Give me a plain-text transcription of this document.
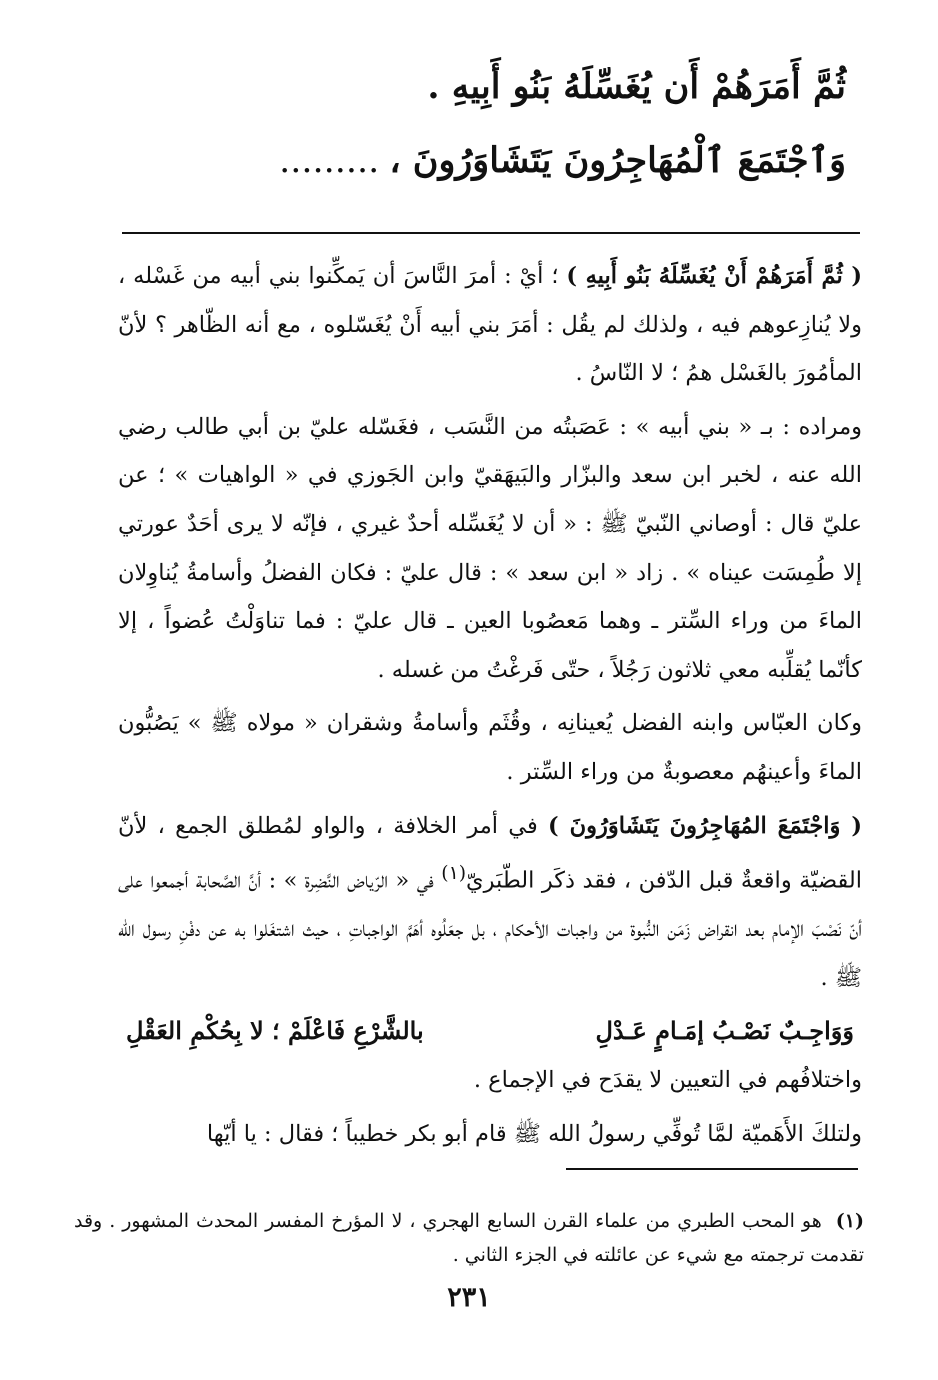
ثُمَّ أَمَرَهُمْ أَن يُغَسِّلَهُ بَنُو أَبِيهِ .
وَٱجْتَمَعَ ٱلْمُهَاجِرُونَ يَتَشَاوَرُونَ ،.........

( ثُمَّ أَمَرَهُمْ أَنْ يُغَسِّلَهُ بَنُو أَبِيهِ ) ؛ أيْ : أمرَ النَّاسَ أن يَمكِّنوا بني أبيه من غَسْله ، ولا يُنازِعوهم فيه ، ولذلك لم يقُل : أمَرَ بني أبيه أَنْ يُغَسّلوه ، مع أنه الظّاهر ؟ لأنّ المأمُورَ بالغَسْل همُ ؛ لا النّاسُ .

ومراده : بـ « بني أبيه » : عَصَبتُه من النَّسَب ، فغَسّله عليّ بن أبي طالب رضي الله عنه ، لخبر ابن سعد والبزّار والبَيهَقيّ وابن الجَوزي في « الواهيات » ؛ عن عليّ قال : أوصاني النّبيّ ﷺ : « أن لا يُغَسِّله أحدٌ غيري ، فإنّه لا يرى أحَدٌ عورتي إلا طُمِسَت عيناه » . زاد « ابن سعد » : قال عليّ : فكان الفضلُ وأسامةُ يُناوِلان الماءَ من وراء السِّتر ـ وهما مَعصُوبا العين ـ قال عليّ : فما تناوَلْتُ عُضواً ، إلا كأنّما يُقلِّبه معي ثلاثون رَجُلاً ، حتّى فَرغْتُ من غسله .

وكان العبّاس وابنه الفضل يُعينانِه ، وقُثَم وأسامةُ وشقران « مولاه ﷺ » يَصُبُّون الماءَ وأعينهُم معصوبةٌ من وراء السِّتر .

( وَاجْتَمَعَ المُهَاجِرُونَ يَتَشَاوَرُونَ ) في أمر الخلافة ، والواو لمُطلق الجمع ، لأنّ القضيّة واقعةٌ قبل الدّفن ، فقد ذكَر الطّبَريّ$^{(١)}$ في « الرّياض النَّضِرة » : أنَّ الصَّحابة أجمعوا على أنّ نَصْبَ الإمام بعد انقراض زَمَن النُّبوة من واجبات الأحكام ، بل جعَلُوه أهَمَّ الواجباتِ ، حيث اشتغَلوا به عن دفْنِ رسول الله ﷺ .

وَوَاجِـبٌ نَصْـبُ إمَـامٍ عَـدْلِ
بالشَّرْعِ فَاعْلَمْ ؛ لا بِحُكْمِ العَقْلِ

واختلافُهم في التعيين لا يقدَح في الإجماع .

ولتلكَ الأَهَميّة لمَّا تُوفِّي رسولُ الله ﷺ قام أبو بكر خطيباً ؛ فقال : يا أيّها

(١)هو المحب الطبري من علماء القرن السابع الهجري ، لا المؤرخ المفسر المحدث المشهور . وقد تقدمت ترجمته مع شيء عن عائلته في الجزء الثاني .
٢٣١
